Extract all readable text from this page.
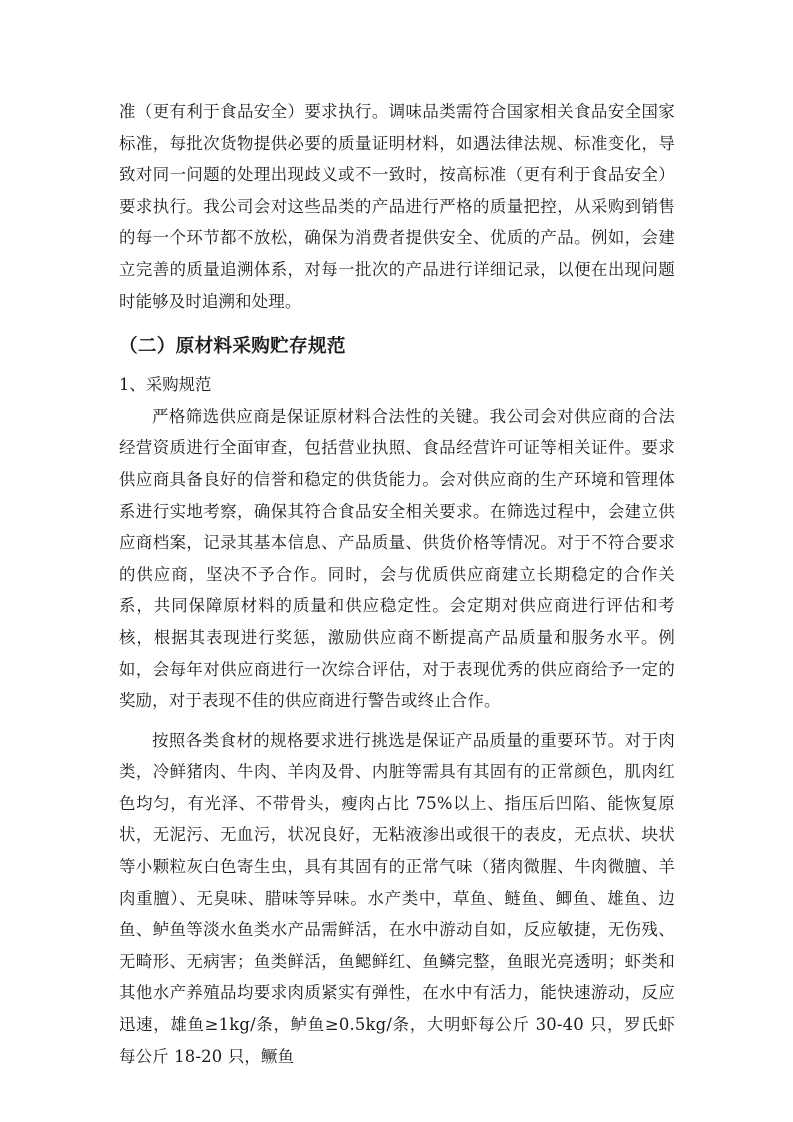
准（更有利于食品安全）要求执行。调味品类需符合国家相关食品安全国家标准，每批次货物提供必要的质量证明材料，如遇法律法规、标准变化，导致对同一问题的处理出现歧义或不一致时，按高标准（更有利于食品安全）要求执行。我公司会对这些品类的产品进行严格的质量把控，从采购到销售的每一个环节都不放松，确保为消费者提供安全、优质的产品。例如，会建立完善的质量追溯体系，对每一批次的产品进行详细记录，以便在出现问题时能够及时追溯和处理。

（二）原材料采购贮存规范

1、采购规范

严格筛选供应商是保证原材料合法性的关键。我公司会对供应商的合法经营资质进行全面审查，包括营业执照、食品经营许可证等相关证件。要求供应商具备良好的信誉和稳定的供货能力。会对供应商的生产环境和管理体系进行实地考察，确保其符合食品安全相关要求。在筛选过程中，会建立供应商档案，记录其基本信息、产品质量、供货价格等情况。对于不符合要求的供应商，坚决不予合作。同时，会与优质供应商建立长期稳定的合作关系，共同保障原材料的质量和供应稳定性。会定期对供应商进行评估和考核，根据其表现进行奖惩，激励供应商不断提高产品质量和服务水平。例如，会每年对供应商进行一次综合评估，对于表现优秀的供应商给予一定的奖励，对于表现不佳的供应商进行警告或终止合作。

按照各类食材的规格要求进行挑选是保证产品质量的重要环节。对于肉类，冷鲜猪肉、牛肉、羊肉及骨、内脏等需具有其固有的正常颜色，肌肉红色均匀，有光泽、不带骨头，瘦肉占比 75%以上、指压后凹陷、能恢复原状，无泥污、无血污，状况良好，无粘液渗出或很干的表皮，无点状、块状等小颗粒灰白色寄生虫，具有其固有的正常气味（猪肉微腥、牛肉微膻、羊肉重膻）、无臭味、腊味等异味。水产类中，草鱼、鲢鱼、鲫鱼、雄鱼、边鱼、鲈鱼等淡水鱼类水产品需鲜活，在水中游动自如，反应敏捷，无伤残、无畸形、无病害；鱼类鲜活，鱼鳃鲜红、鱼鳞完整，鱼眼光亮透明；虾类和其他水产养殖品均要求肉质紧实有弹性，在水中有活力，能快速游动，反应迅速，雄鱼≥1kg/条，鲈鱼≥0.5kg/条，大明虾每公斤 30-40 只，罗氏虾每公斤 18-20 只，鳜鱼
